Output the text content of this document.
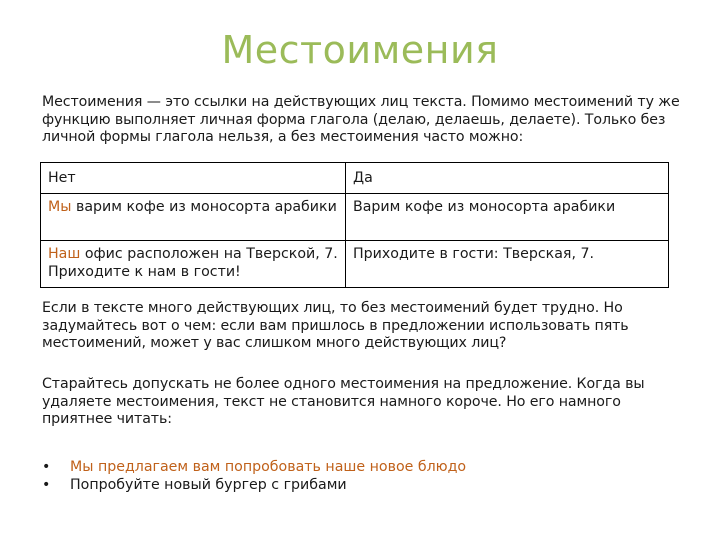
Местоимения
Местоимения — это ссылки на действующих лиц текста. Помимо местоимений ту же функцию выполняет личная форма глагола (делаю, делаешь, делаете). Только без личной формы глагола нельзя, а без местоимения часто можно:
Нет	Да
Мы варим кофе из моносорта арабики	Варим кофе из моносорта арабики
Наш офис расположен на Тверской, 7. Приходите к нам в гости!	Приходите в гости: Тверская, 7.
Если в тексте много действующих лиц, то без местоимений будет трудно. Но задумайтесь вот о чем: если вам пришлось в предложении использовать пять местоимений, может у вас слишком много действующих лиц?
Старайтесь допускать не более одного местоимения на предложение. Когда вы удаляете местоимения, текст не становится намного короче. Но его намного приятнее читать:
• Мы предлагаем вам попробовать наше новое блюдо
• Попробуйте новый бургер с грибами
